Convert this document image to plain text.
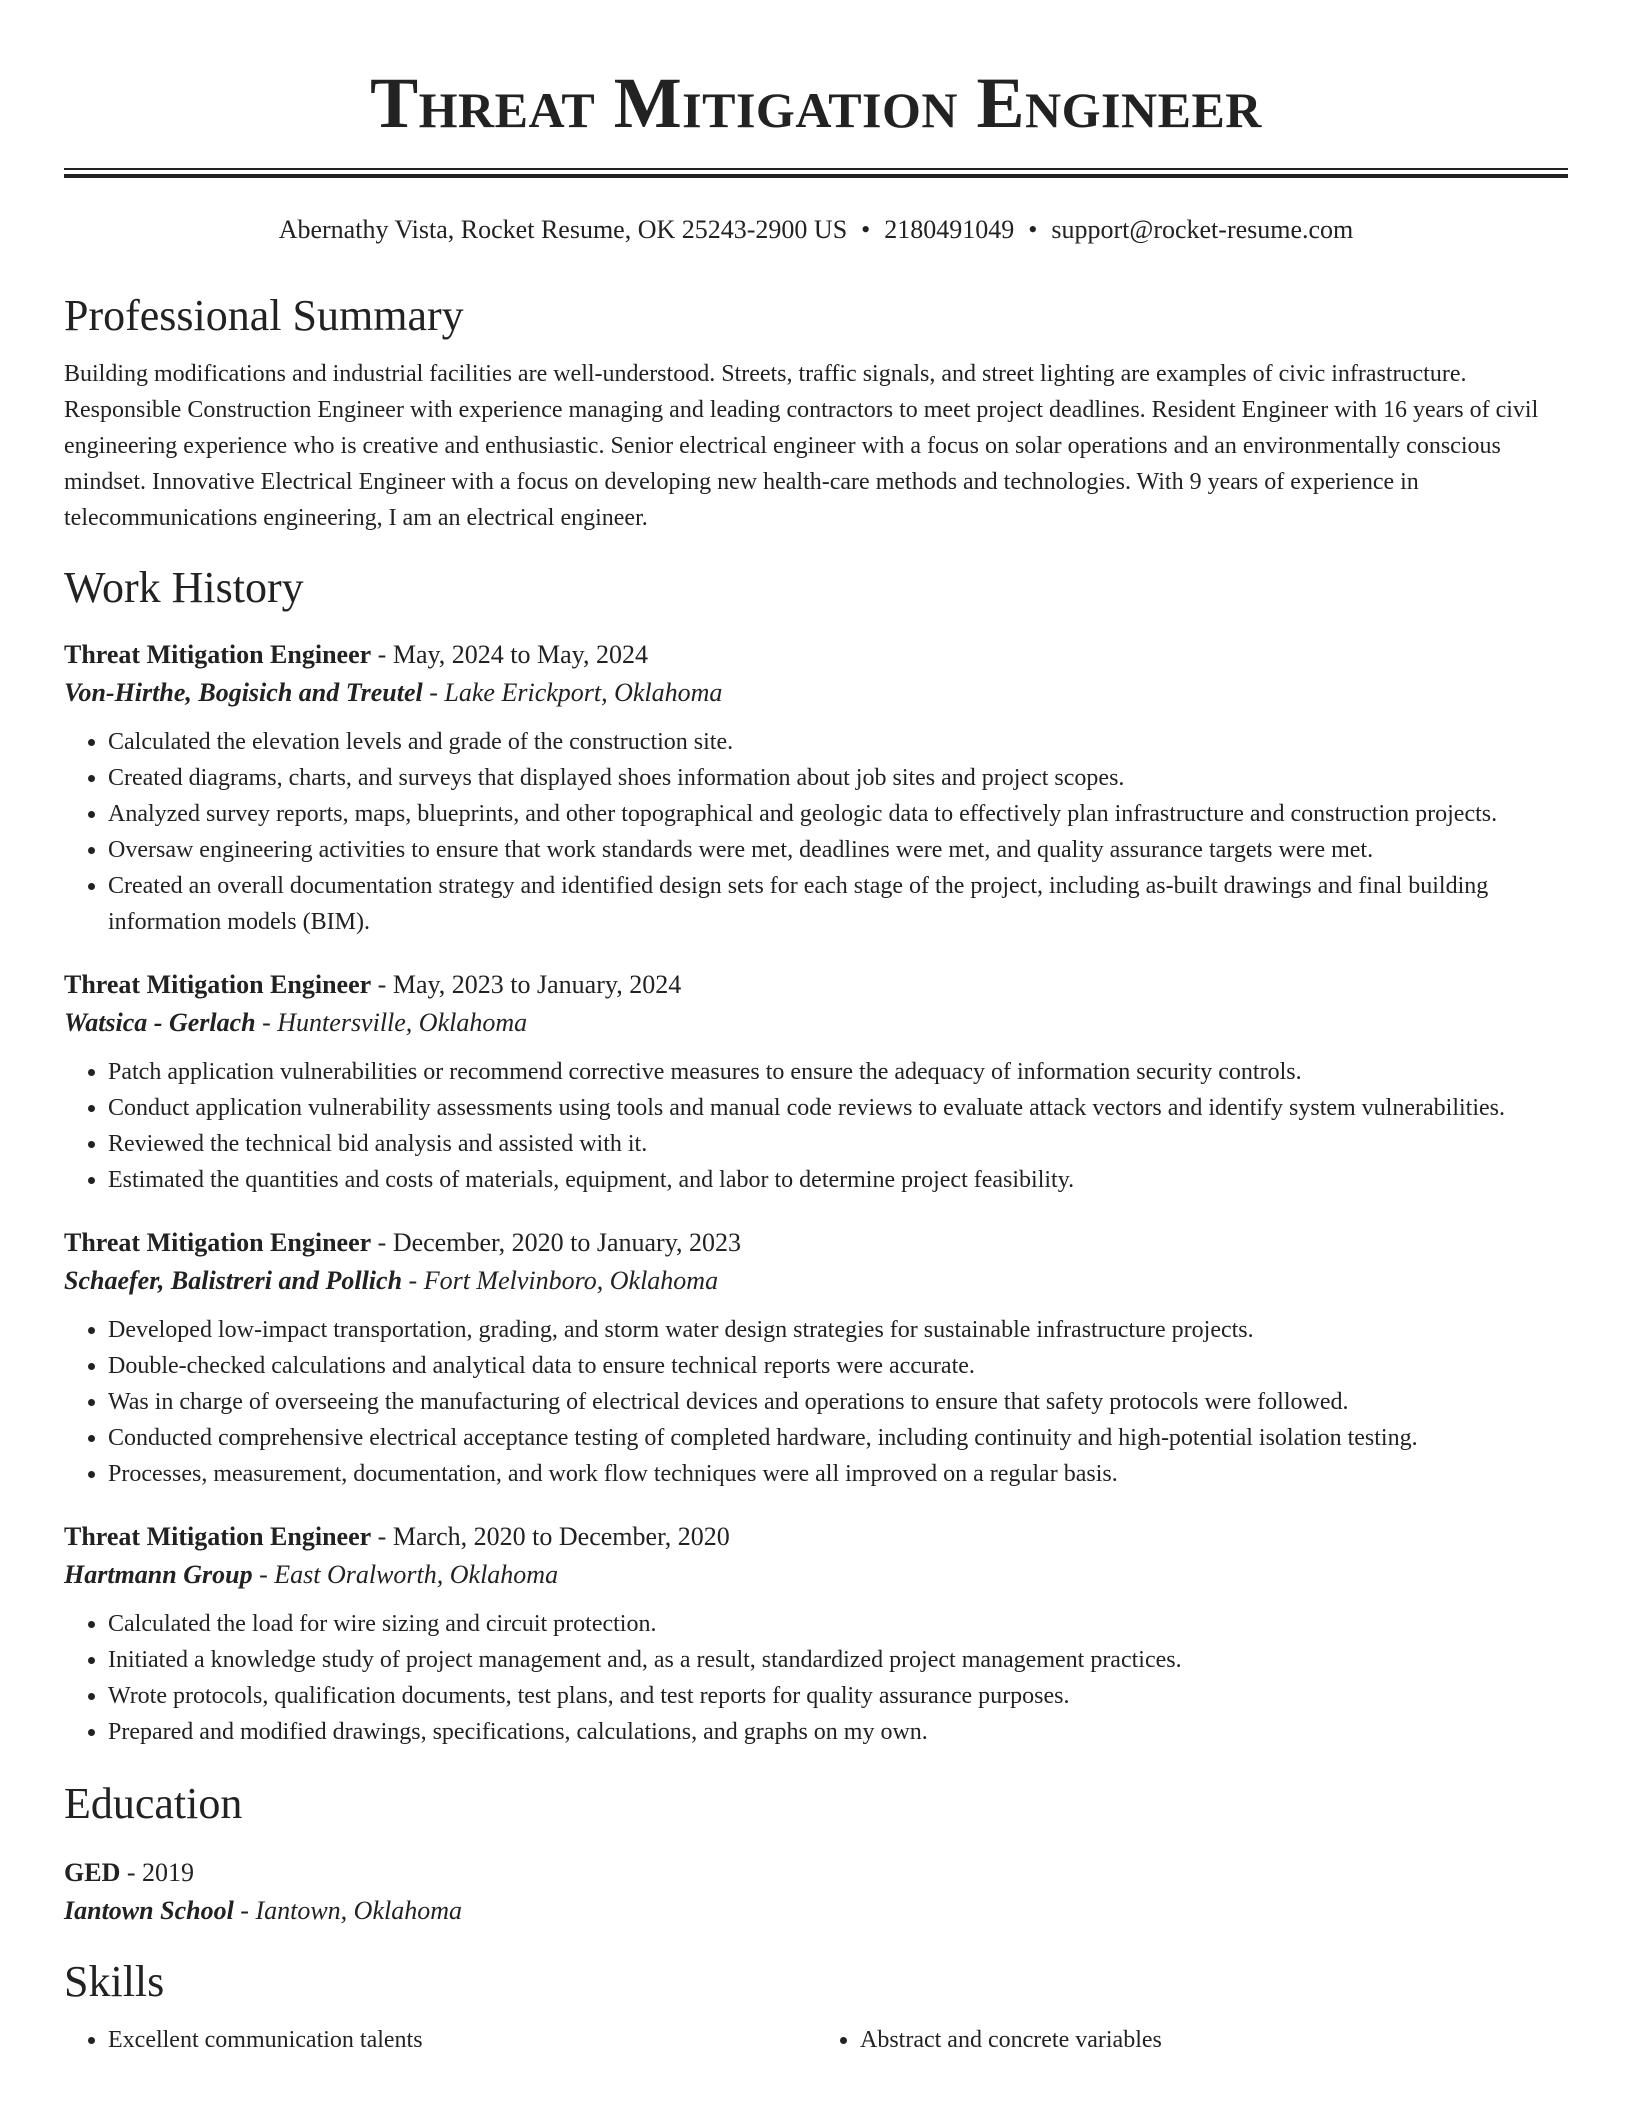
Threat Mitigation Engineer
Abernathy Vista, Rocket Resume, OK 25243-2900 US • 2180491049 • support@rocket-resume.com
Professional Summary

Building modifications and industrial facilities are well-understood. Streets, traffic signals, and street lighting are examples of civic infrastructure. Responsible Construction Engineer with experience managing and leading contractors to meet project deadlines. Resident Engineer with 16 years of civil engineering experience who is creative and enthusiastic. Senior electrical engineer with a focus on solar operations and an environmentally conscious mindset. Innovative Electrical Engineer with a focus on developing new health-care methods and technologies. With 9 years of experience in telecommunications engineering, I am an electrical engineer.

Work History
Threat Mitigation Engineer - May, 2024 to May, 2024
Von-Hirthe, Bogisich and Treutel - Lake Erickport, Oklahoma
• Calculated the elevation levels and grade of the construction site.
• Created diagrams, charts, and surveys that displayed shoes information about job sites and project scopes.
• Analyzed survey reports, maps, blueprints, and other topographical and geologic data to effectively plan infrastructure and construction projects.
• Oversaw engineering activities to ensure that work standards were met, deadlines were met, and quality assurance targets were met.
• Created an overall documentation strategy and identified design sets for each stage of the project, including as-built drawings and final building information models (BIM).
Threat Mitigation Engineer - May, 2023 to January, 2024
Watsica - Gerlach - Huntersville, Oklahoma
• Patch application vulnerabilities or recommend corrective measures to ensure the adequacy of information security controls.
• Conduct application vulnerability assessments using tools and manual code reviews to evaluate attack vectors and identify system vulnerabilities.
• Reviewed the technical bid analysis and assisted with it.
• Estimated the quantities and costs of materials, equipment, and labor to determine project feasibility.
Threat Mitigation Engineer - December, 2020 to January, 2023
Schaefer, Balistreri and Pollich - Fort Melvinboro, Oklahoma
• Developed low-impact transportation, grading, and storm water design strategies for sustainable infrastructure projects.
• Double-checked calculations and analytical data to ensure technical reports were accurate.
• Was in charge of overseeing the manufacturing of electrical devices and operations to ensure that safety protocols were followed.
• Conducted comprehensive electrical acceptance testing of completed hardware, including continuity and high-potential isolation testing.
• Processes, measurement, documentation, and work flow techniques were all improved on a regular basis.
Threat Mitigation Engineer - March, 2020 to December, 2020
Hartmann Group - East Oralworth, Oklahoma
• Calculated the load for wire sizing and circuit protection.
• Initiated a knowledge study of project management and, as a result, standardized project management practices.
• Wrote protocols, qualification documents, test plans, and test reports for quality assurance purposes.
• Prepared and modified drawings, specifications, calculations, and graphs on my own.
Education
GED - 2019
Iantown School - Iantown, Oklahoma
Skills
• Excellent communication talents
•	Abstract and concrete variables
